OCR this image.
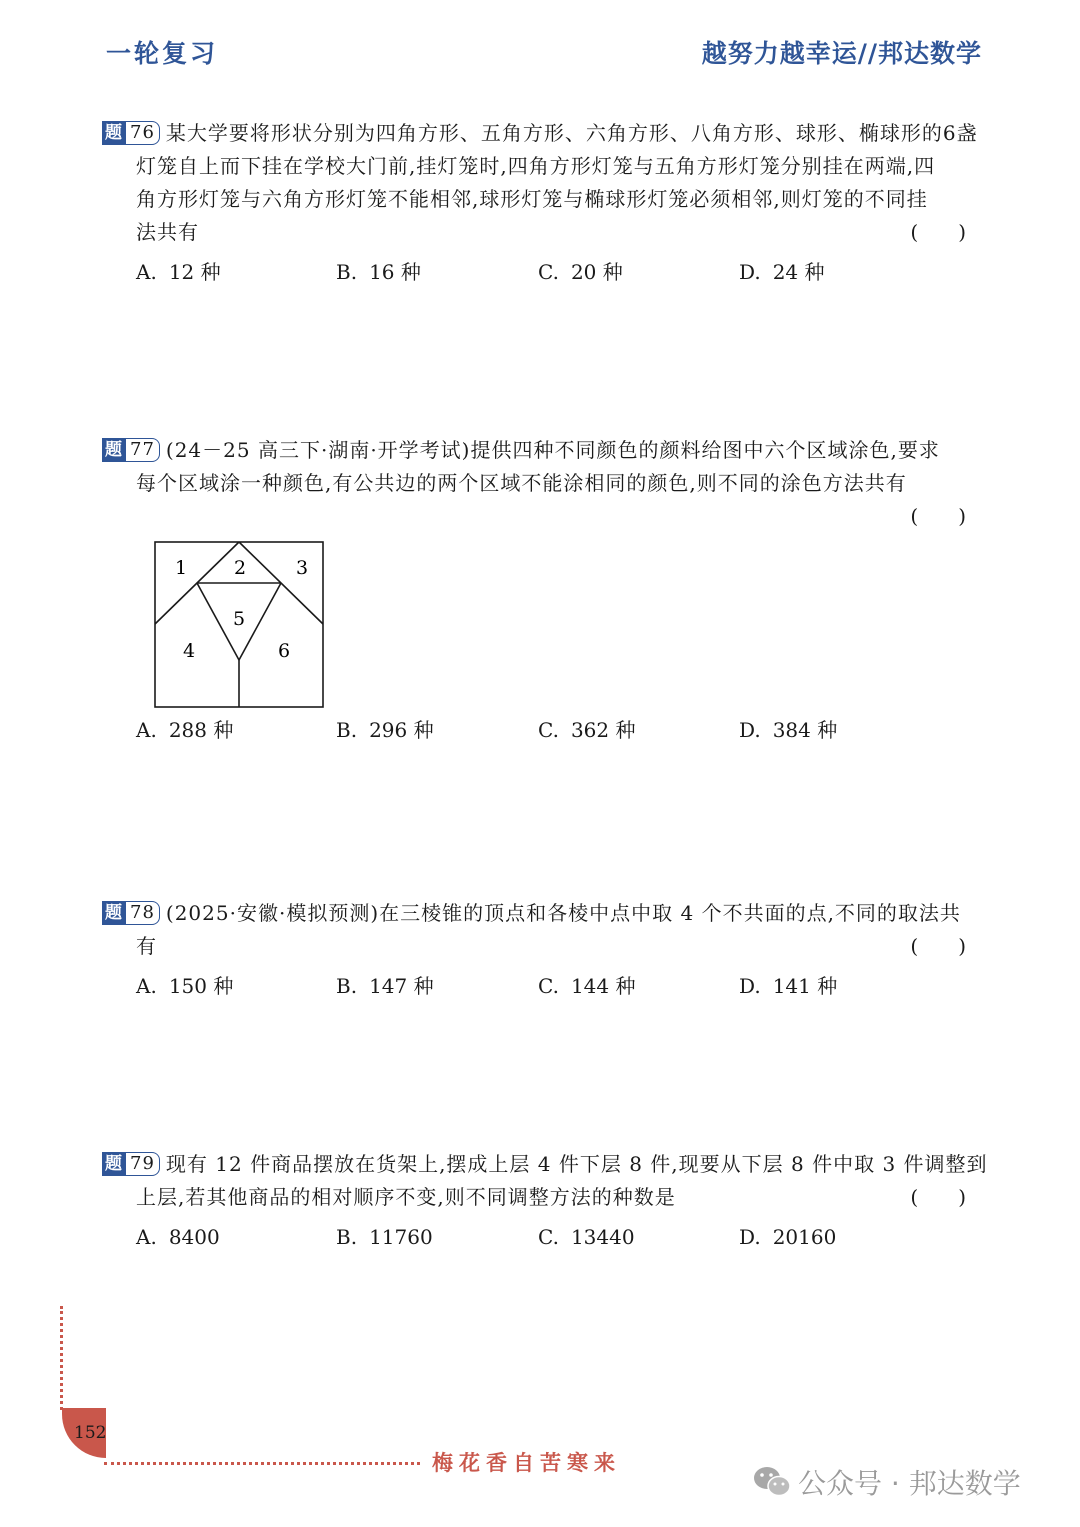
一轮复习	越努力越幸运//邦达数学
题 76 某大学要将形状分别为四角方形、五角方形、六角方形、八角方形、球形、椭球形的6盏
灯笼自上而下挂在学校大门前,挂灯笼时,四角方形灯笼与五角方形灯笼分别挂在两端,四
角方形灯笼与六角方形灯笼不能相邻,球形灯笼与椭球形灯笼必须相邻,则灯笼的不同挂
法共有	(　　)
A. 12 种	B. 16 种	C. 20 种	D. 24 种
题 77 (24－25 高三下·湖南·开学考试)提供四种不同颜色的颜料给图中六个区域涂色,要求
每个区域涂一种颜色,有公共边的两个区域不能涂相同的颜色,则不同的涂色方法共有
(　　)
1 2	3
4
5
6
A. 288 种	B. 296 种	C. 362 种	D. 384 种
题 78 (2025·安徽·模拟预测)在三棱锥的顶点和各棱中点中取 4 个不共面的点,不同的取法共
有	(　　)
A. 150 种	B. 147 种	C. 144 种	D. 141 种
题 79 现有 12 件商品摆放在货架上,摆成上层 4 件下层 8 件,现要从下层 8 件中取 3 件调整到
上层,若其他商品的相对顺序不变,则不同调整方法的种数是	(　　)
A. 8400	B. 11760	C. 13440	D. 20160
152
梅花香自苦寒来
公众号 · 邦达数学
